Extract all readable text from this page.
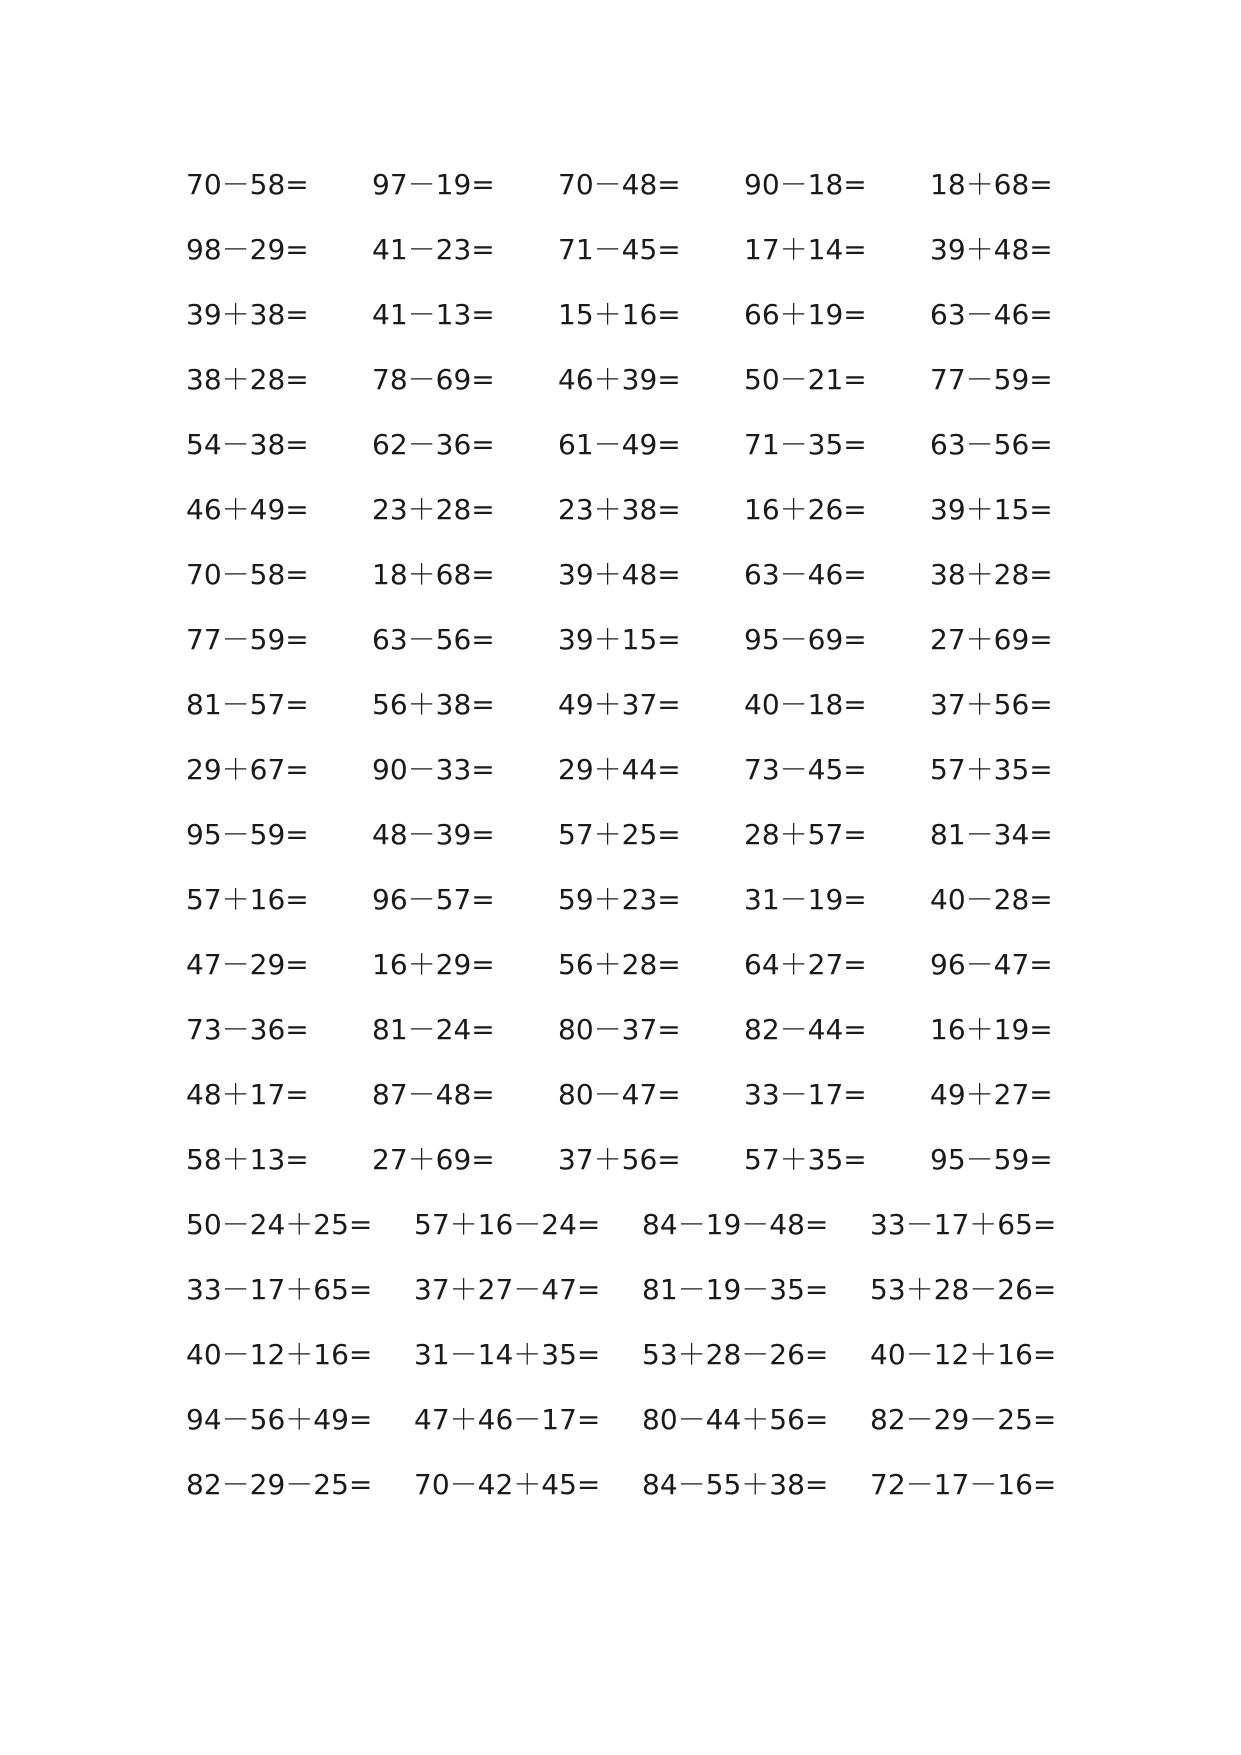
70－58=	97－19=	70－48=	90－18=	18＋68=
98－29=	41－23=	71－45=	17＋14=	39＋48=
39＋38=	41－13=	15＋16=	66＋19=	63－46=
38＋28=	78－69=	46＋39=	50－21=	77－59=
54－38=	62－36=	61－49=	71－35=	63－56=
46＋49=	23＋28=	23＋38=	16＋26=	39＋15=
70－58=	18＋68=	39＋48=	63－46=	38＋28=
77－59=	63－56=	39＋15=	95－69=	27＋69=
81－57=	56＋38=	49＋37=	40－18=	37＋56=
29＋67=	90－33=	29＋44=	73－45=	57＋35=
95－59=	48－39=	57＋25=	28＋57=	81－34=
57＋16=	96－57=	59＋23=	31－19=	40－28=
47－29=	16＋29=	56＋28=	64＋27=	96－47=
73－36=	81－24=	80－37=	82－44=	16＋19=
48＋17=	87－48=	80－47=	33－17=	49＋27=
58＋13=	27＋69=	37＋56=	57＋35=	95－59=
50－24＋25=	57＋16－24=	84－19－48=	33－17＋65=
33－17＋65=	37＋27－47=	81－19－35=	53＋28－26=
40－12＋16=	31－14＋35=	53＋28－26=	40－12＋16=
94－56＋49=	47＋46－17=	80－44＋56=	82－29－25=
82－29－25=	70－42＋45=	84－55＋38=	72－17－16=
